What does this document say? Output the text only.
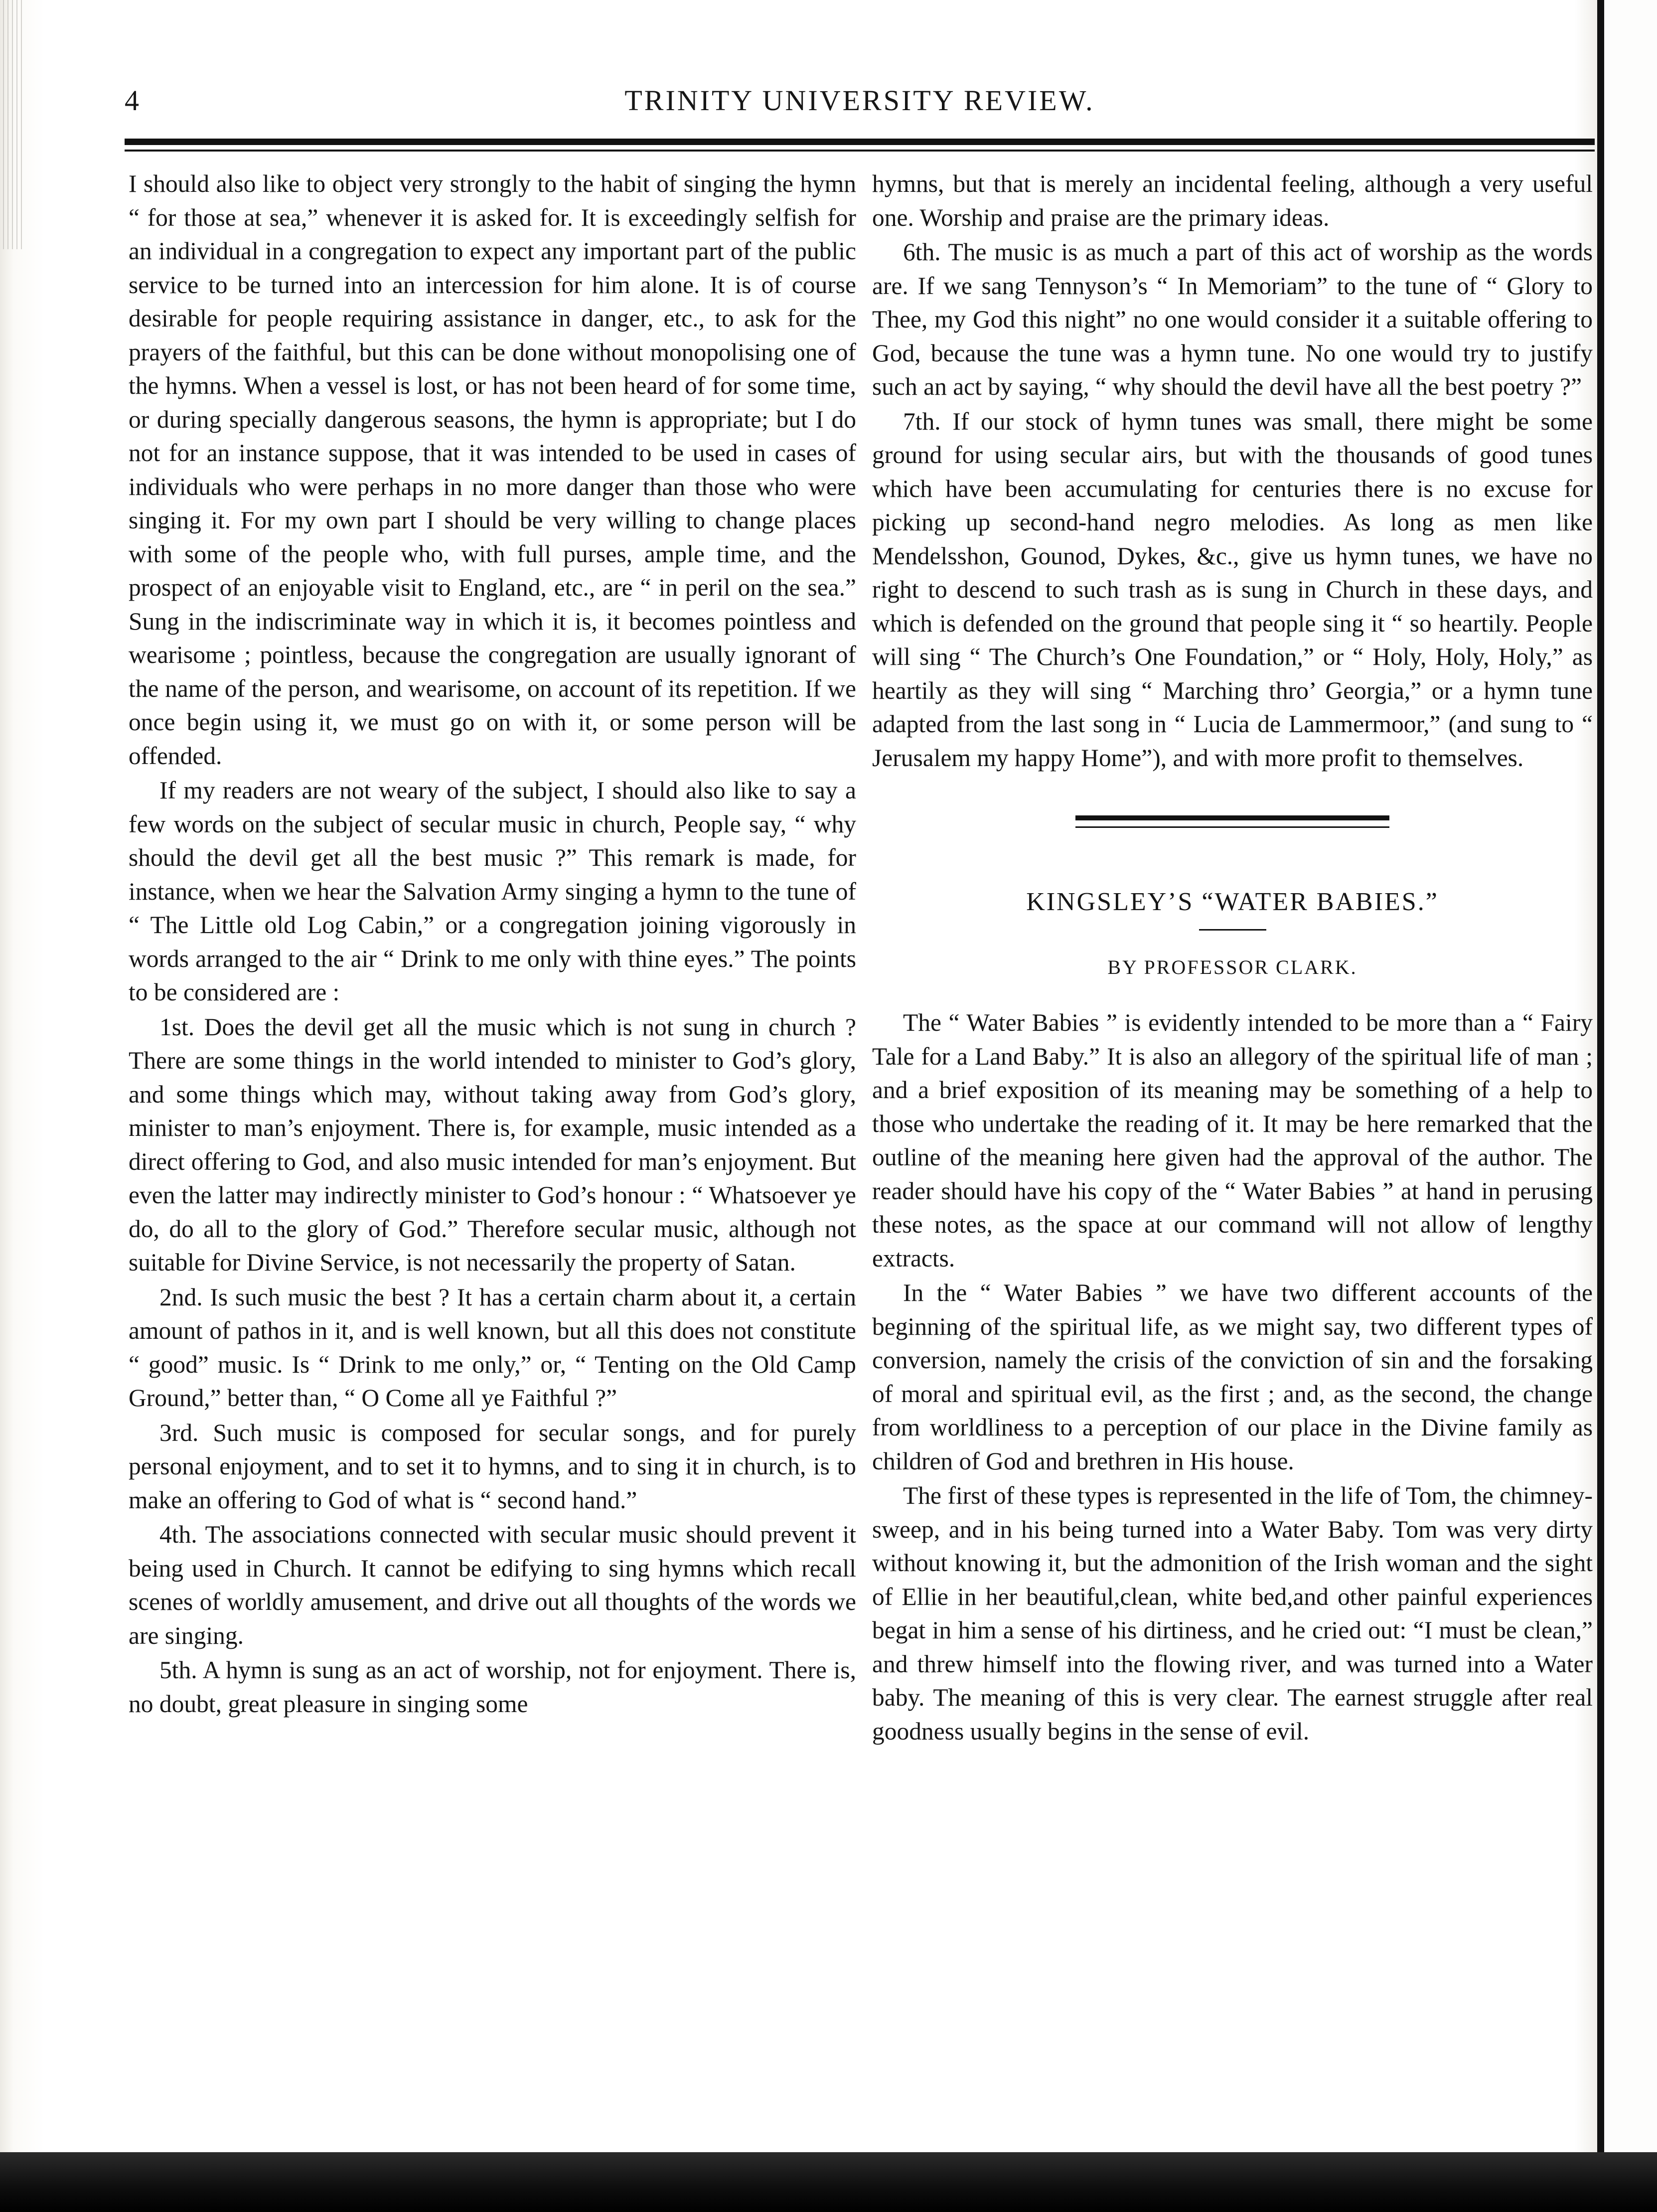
TRINITY UNIVERSITY REVIEW.
4

I should also like to object very strongly to the habit of singing the hymn “ for those at sea,” whenever it is asked for. It is exceedingly selfish for an individual in a congregation to expect any important part of the public service to be turned into an intercession for him alone. It is of course desirable for people requiring assistance in danger, etc., to ask for the prayers of the faithful, but this can be done without monopolising one of the hymns. When a vessel is lost, or has not been heard of for some time, or during specially dangerous seasons, the hymn is appropriate; but I do not for an instance suppose, that it was intended to be used in cases of individuals who were perhaps in no more danger than those who were singing it. For my own part I should be very willing to change places with some of the people who, with full purses, ample time, and the prospect of an enjoyable visit to England, etc., are “ in peril on the sea.” Sung in the indiscriminate way in which it is, it becomes pointless and wearisome ; pointless, because the congregation are usually ignorant of the name of the person, and wearisome, on account of its repetition. If we once begin using it, we must go on with it, or some person will be offended.

If my readers are not weary of the subject, I should also like to say a few words on the subject of secular music in church, People say, “ why should the devil get all the best music ?” This remark is made, for instance, when we hear the Salvation Army singing a hymn to the tune of “ The Little old Log Cabin,” or a congregation joining vigorously in words arranged to the air “ Drink to me only with thine eyes.” The points to be considered are :

1st. Does the devil get all the music which is not sung in church ? There are some things in the world intended to minister to God’s glory, and some things which may, without taking away from God’s glory, minister to man’s enjoyment. There is, for example, music intended as a direct offering to God, and also music intended for man’s enjoyment. But even the latter may indirectly minister to God’s honour : “ Whatsoever ye do, do all to the glory of God.” Therefore secular music, although not suitable for Divine Service, is not necessarily the property of Satan.

2nd. Is such music the best ? It has a certain charm about it, a certain amount of pathos in it, and is well known, but all this does not constitute “ good” music. Is “ Drink to me only,” or, “ Tenting on the Old Camp Ground,” better than, “ O Come all ye Faithful ?”

3rd. Such music is composed for secular songs, and for purely personal enjoyment, and to set it to hymns, and to sing it in church, is to make an offering to God of what is “ second hand.”

4th. The associations connected with secular music should prevent it being used in Church. It cannot be edifying to sing hymns which recall scenes of worldly amusement, and drive out all thoughts of the words we are singing.

5th. A hymn is sung as an act of worship, not for enjoyment. There is, no doubt, great pleasure in singing some

hymns, but that is merely an incidental feeling, although a very useful one. Worship and praise are the primary ideas.

6th. The music is as much a part of this act of worship as the words are. If we sang Tennyson’s “ In Memoriam” to the tune of “ Glory to Thee, my God this night” no one would consider it a suitable offering to God, because the tune was a hymn tune. No one would try to justify such an act by saying, “ why should the devil have all the best poetry ?”

7th. If our stock of hymn tunes was small, there might be some ground for using secular airs, but with the thousands of good tunes which have been accumulating for centuries there is no excuse for picking up second-hand negro melodies. As long as men like Mendelsshon, Gounod, Dykes, &c., give us hymn tunes, we have no right to descend to such trash as is sung in Church in these days, and which is defended on the ground that people sing it “ so heartily. People will sing “ The Church’s One Foundation,” or “ Holy, Holy, Holy,” as heartily as they will sing “ Marching thro’ Georgia,” or a hymn tune adapted from the last song in “ Lucia de Lammermoor,” (and sung to “ Jerusalem my happy Home”), and with more profit to themselves.

KINGSLEY’S “WATER BABIES.”
BY PROFESSOR CLARK.

The “ Water Babies ” is evidently intended to be more than a “ Fairy Tale for a Land Baby.” It is also an allegory of the spiritual life of man ; and a brief exposition of its meaning may be something of a help to those who undertake the reading of it. It may be here remarked that the outline of the meaning here given had the approval of the author. The reader should have his copy of the “ Water Babies ” at hand in perusing these notes, as the space at our command will not allow of lengthy extracts.

In the “ Water Babies ” we have two different accounts of the beginning of the spiritual life, as we might say, two different types of conversion, namely the crisis of the conviction of sin and the forsaking of moral and spiritual evil, as the first ; and, as the second, the change from worldliness to a perception of our place in the Divine family as children of God and brethren in His house.

The first of these types is represented in the life of Tom, the chimney-sweep, and in his being turned into a Water Baby. Tom was very dirty without knowing it, but the admonition of the Irish woman and the sight of Ellie in her beautiful,clean, white bed,and other painful experiences begat in him a sense of his dirtiness, and he cried out: “I must be clean,” and threw himself into the flowing river, and was turned into a Water baby. The meaning of this is very clear. The earnest struggle after real goodness usually begins in the sense of evil.
